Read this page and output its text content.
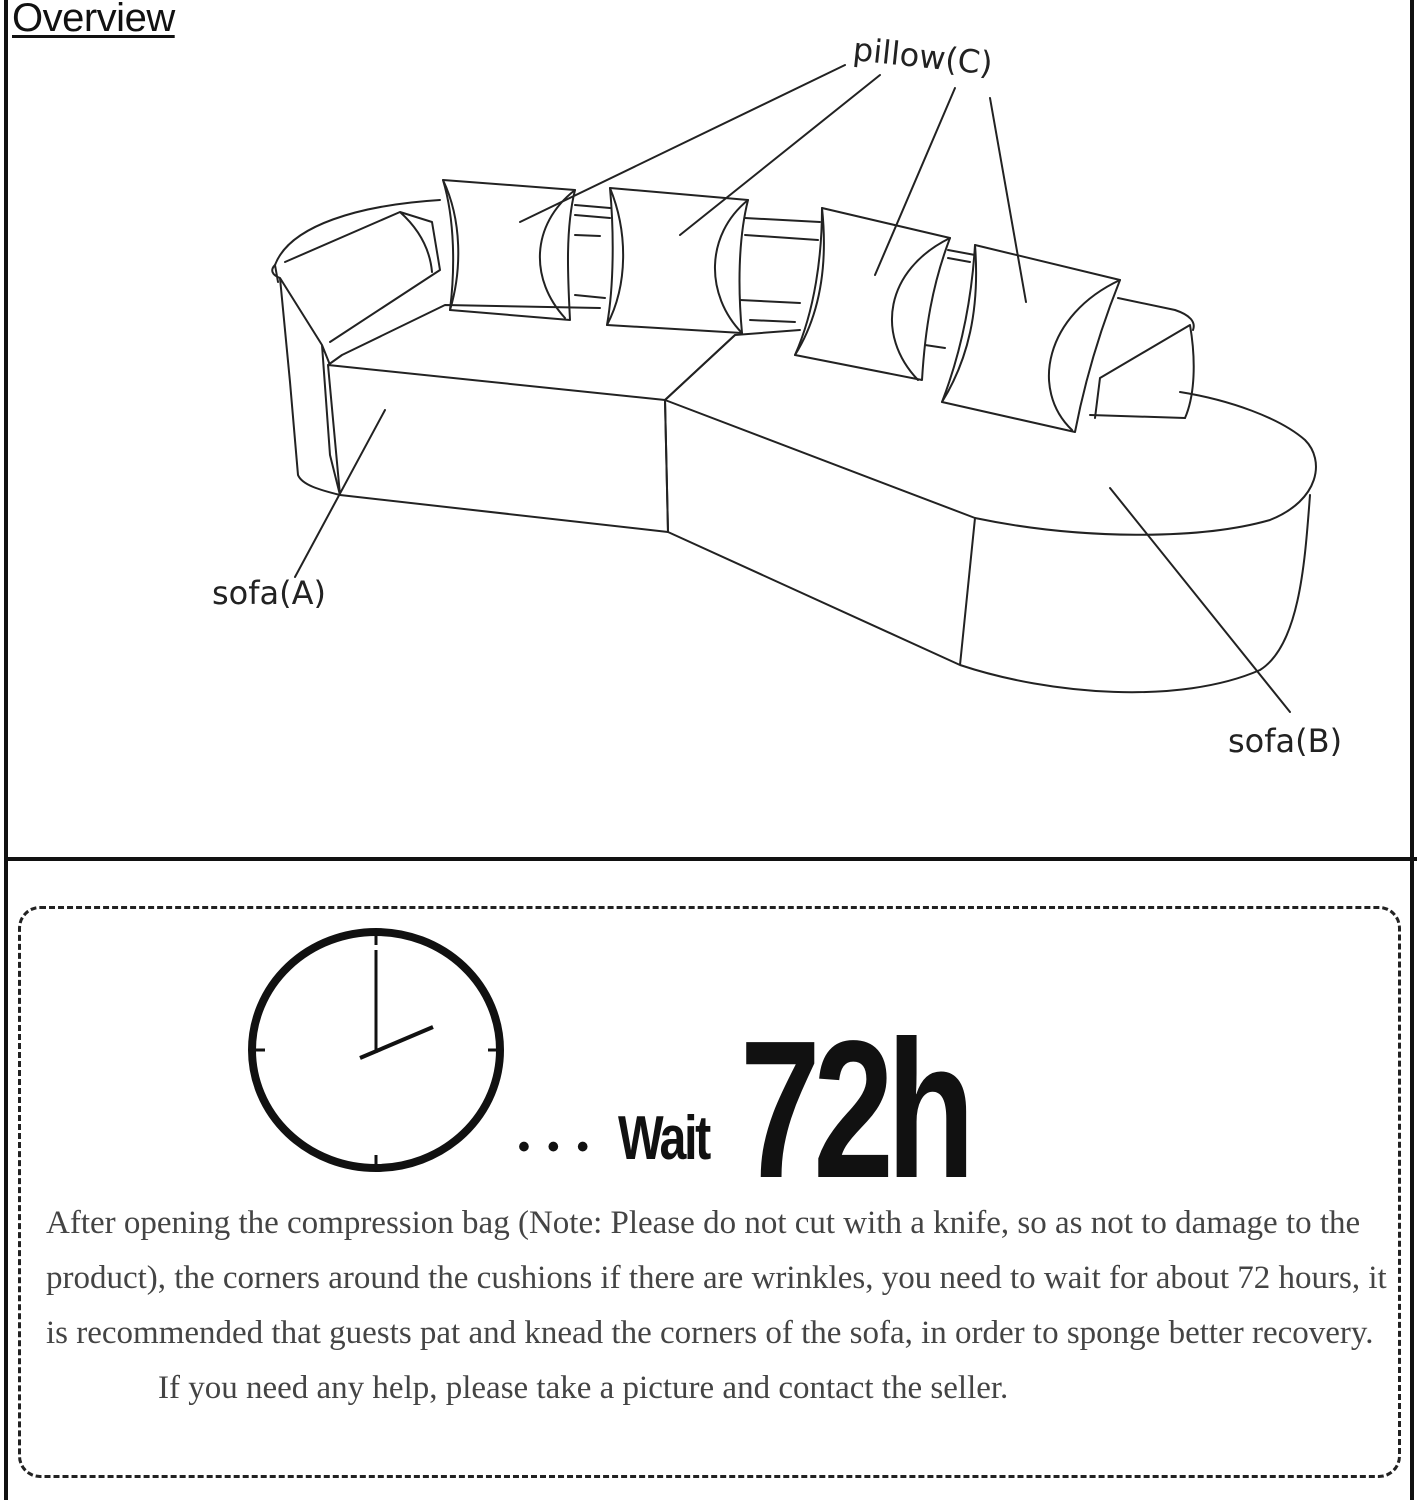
Overview
sofa(A)
sofa(B)
pillow(C)
• • • Wait 72h

After opening the compression bag (Note: Please do not cut with a knife, so as not to damage to the product), the corners around the cushions if there are wrinkles, you need to wait for about 72 hours, it is recommended that guests pat and knead the corners of the sofa, in order to sponge better recovery.

If you need any help, please take a picture and contact the seller.
